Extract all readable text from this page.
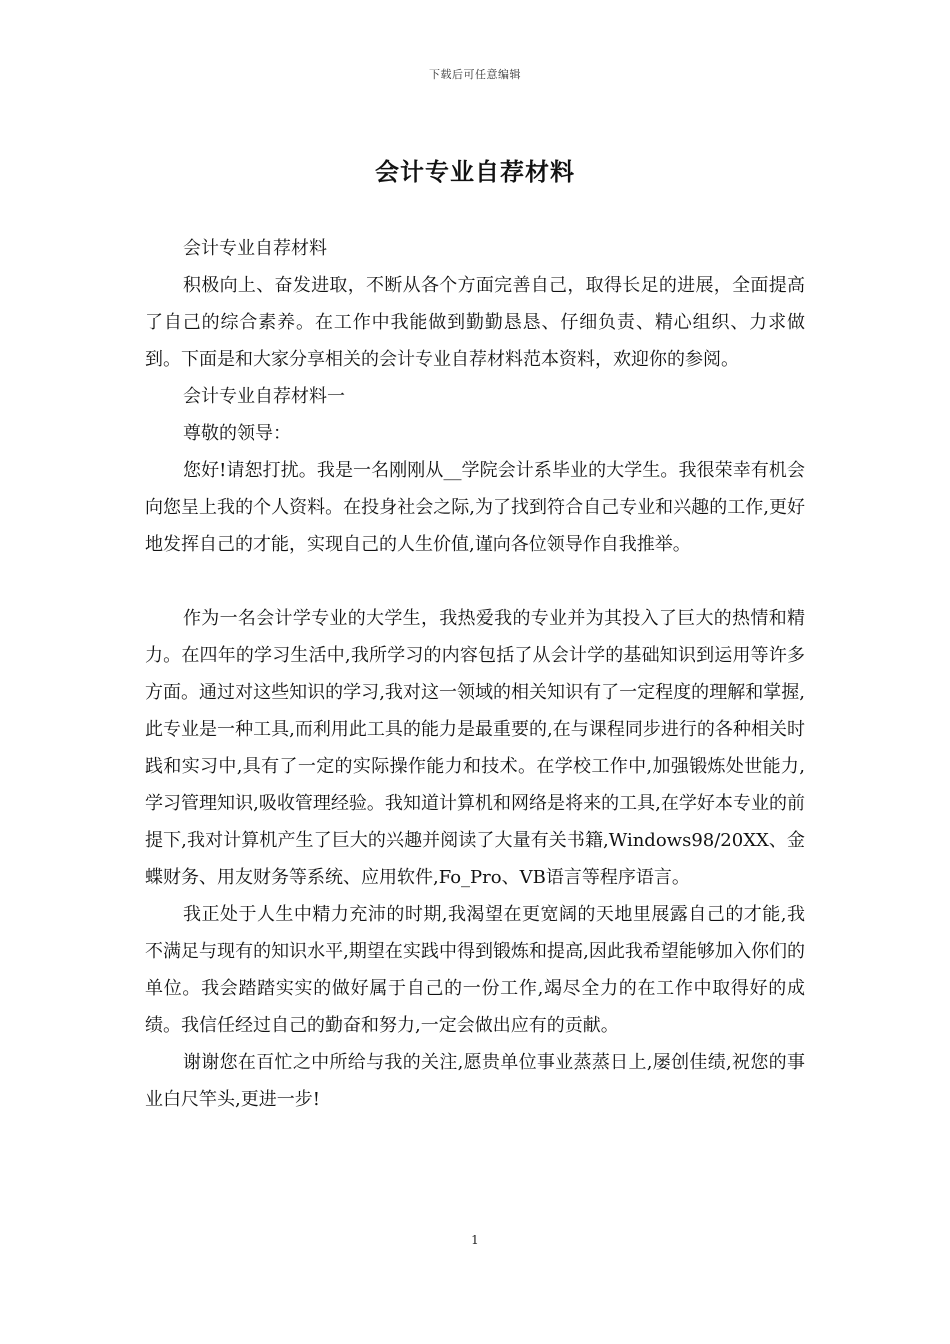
下载后可任意编辑
会计专业自荐材料

会计专业自荐材料

积极向上、奋发进取，不断从各个方面完善自己，取得长足的进展，全面提高了自己的综合素养。在工作中我能做到勤勤恳恳、仔细负责、精心组织、力求做到。下面是和大家分享相关的会计专业自荐材料范本资料，欢迎你的参阅。

会计专业自荐材料一

尊敬的领导：

您好!请恕打扰。我是一名刚刚从__学院会计系毕业的大学生。我很荣幸有机会向您呈上我的个人资料。在投身社会之际,为了找到符合自己专业和兴趣的工作,更好地发挥自己的才能，实现自己的人生价值,谨向各位领导作自我推举。

作为一名会计学专业的大学生，我热爱我的专业并为其投入了巨大的热情和精力。在四年的学习生活中,我所学习的内容包括了从会计学的基础知识到运用等许多方面。通过对这些知识的学习,我对这一领域的相关知识有了一定程度的理解和掌握,此专业是一种工具,而利用此工具的能力是最重要的,在与课程同步进行的各种相关时践和实习中,具有了一定的实际操作能力和技术。在学校工作中,加强锻炼处世能力,学习管理知识,吸收管理经验。我知道计算机和网络是将来的工具,在学好本专业的前提下,我对计算机产生了巨大的兴趣并阅读了大量有关书籍,Windows98/20XX、金蝶财务、用友财务等系统、应用软件,Fo_Pro、VB语言等程序语言。

我正处于人生中精力充沛的时期,我渴望在更宽阔的天地里展露自己的才能,我不满足与现有的知识水平,期望在实践中得到锻炼和提高,因此我希望能够加入你们的单位。我会踏踏实实的做好属于自己的一份工作,竭尽全力的在工作中取得好的成绩。我信任经过自己的勤奋和努力,一定会做出应有的贡献。

谢谢您在百忙之中所给与我的关注,愿贵单位事业蒸蒸日上,屡创佳绩,祝您的事业白尺竿头,更进一步!

1
